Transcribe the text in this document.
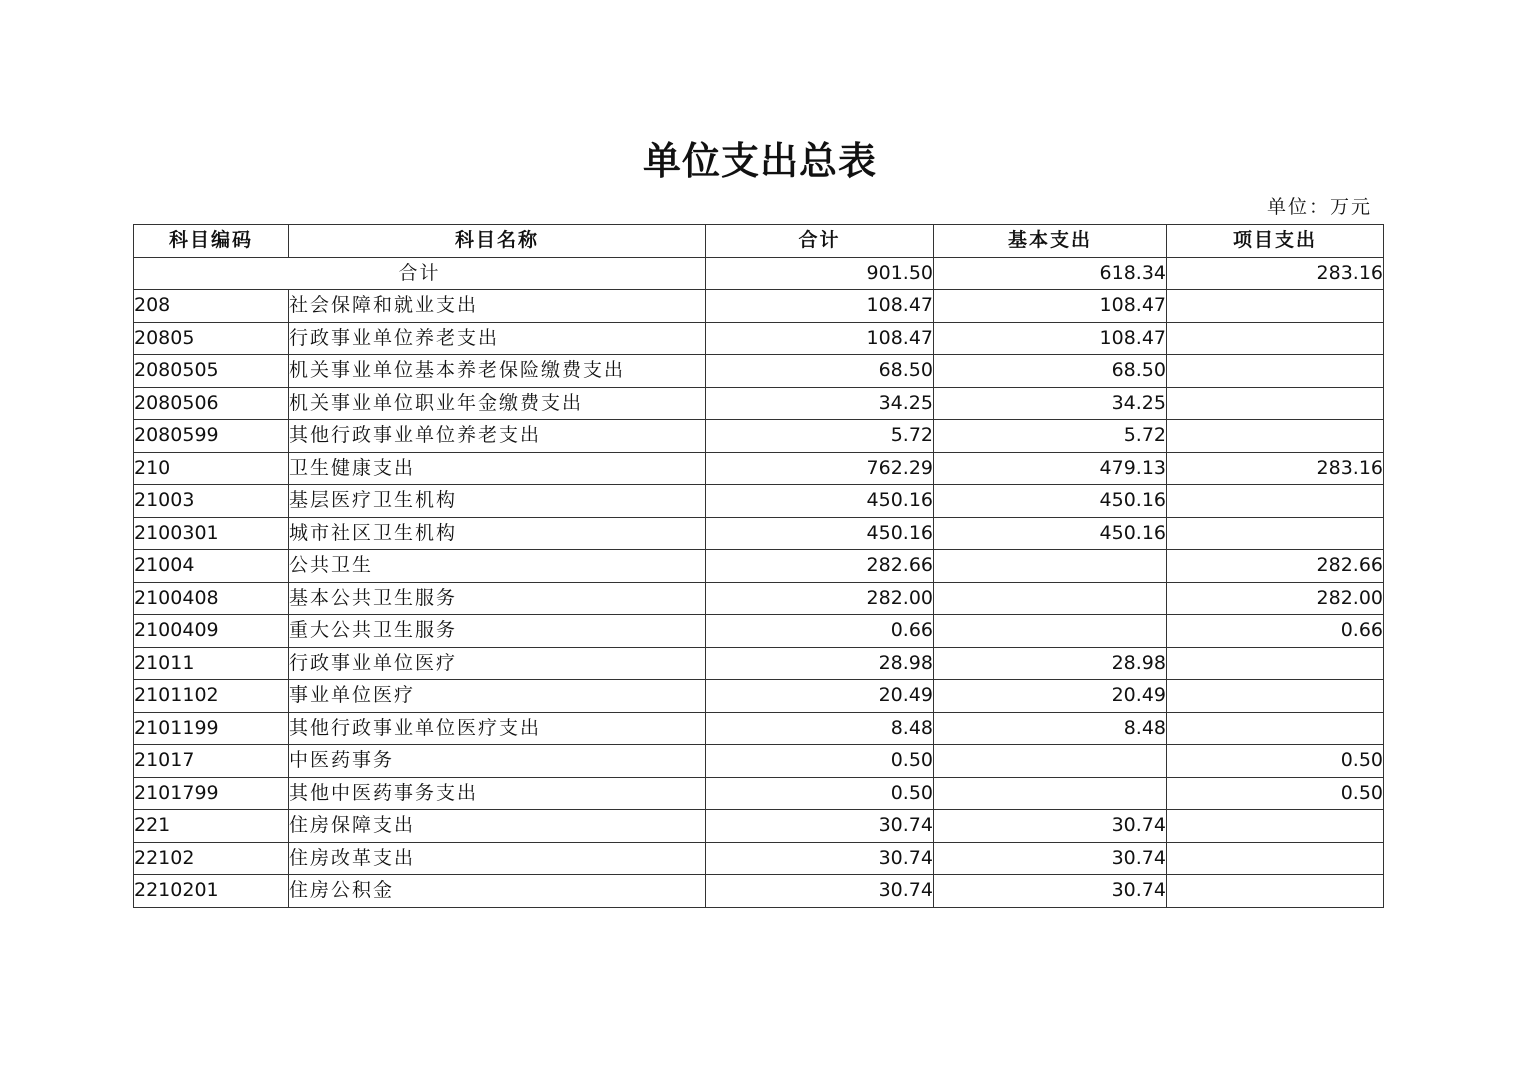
单位支出总表
单位：万元
科目编码	科目名称	合计	基本支出	项目支出
合计		901.50	618.34	283.16
208	社会保障和就业支出	108.47	108.47	
20805	行政事业单位养老支出	108.47	108.47	
2080505	机关事业单位基本养老保险缴费支出	68.50	68.50	
2080506	机关事业单位职业年金缴费支出	34.25	34.25	
2080599	其他行政事业单位养老支出	5.72	5.72	
210	卫生健康支出	762.29	479.13	283.16
21003	基层医疗卫生机构	450.16	450.16	
2100301	城市社区卫生机构	450.16	450.16	
21004	公共卫生	282.66		282.66
2100408	基本公共卫生服务	282.00		282.00
2100409	重大公共卫生服务	0.66		0.66
21011	行政事业单位医疗	28.98	28.98	
2101102	事业单位医疗	20.49	20.49	
2101199	其他行政事业单位医疗支出	8.48	8.48	
21017	中医药事务	0.50		0.50
2101799	其他中医药事务支出	0.50		0.50
221	住房保障支出	30.74	30.74	
22102	住房改革支出	30.74	30.74	
2210201	住房公积金	30.74	30.74	
